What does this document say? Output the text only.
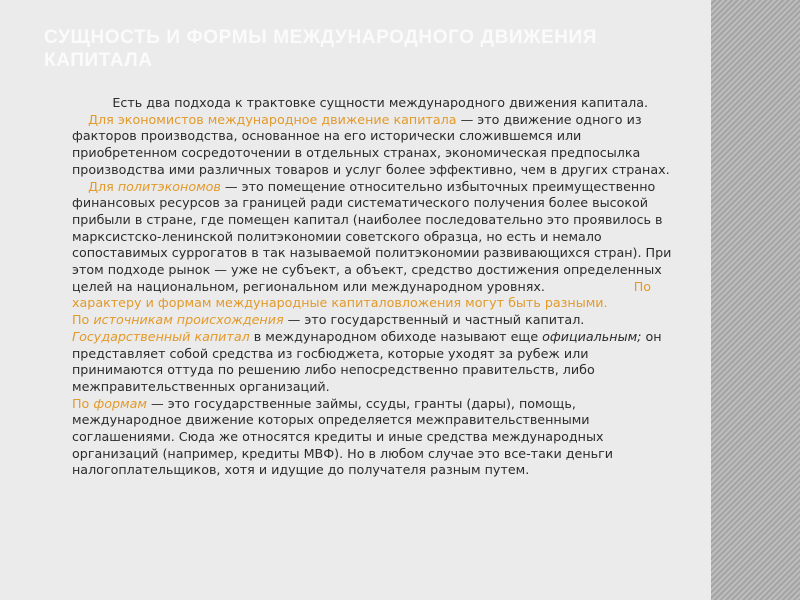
СУЩНОСТЬ И ФОРМЫ МЕЖДУНАРОДНОГО ДВИЖЕНИЯ
КАПИТАЛА

Есть два подхода к трактовке сущности международного движения капитала.

Для экономистов международное движение капитала — это движение одного из факторов производства, основанное на его исторически сложившемся или приобретенном сосредоточении в отдельных странах, экономическая предпосылка производства ими различных товаров и услуг более эффективно, чем в других странах.

Для политэкономов — это помещение относительно избыточных преимущественно финансовых ресурсов за границей ради систематического получения более высокой прибыли в стране, где помещен капитал (наиболее последовательно это проявилось в марксистско-ленинской политэкономии советского образца, но есть и немало сопоставимых суррогатов в так называемой политэкономии развивающихся стран). При этом подходе рынок — уже не субъект, а объект, средство достижения определенных целей на национальном, региональном или международном уровнях.	По характеру и формам международные капиталовложения могут быть разными.

По источникам происхождения — это государственный и частный капитал.

Государственный капитал в международном обиходе называют еще официальным; он представляет собой средства из госбюджета, которые уходят за рубеж или принимаются оттуда по решению либо непосредственно правительств, либо межправительственных организаций.

По формам — это государственные займы, ссуды, гранты (дары), помощь, международное движение которых определяется межправительственными соглашениями. Сюда же относятся кредиты и иные средства международных организаций (например, кредиты МВФ). Но в любом случае это все-таки деньги налогоплательщиков, хотя и идущие до получателя разным путем.
